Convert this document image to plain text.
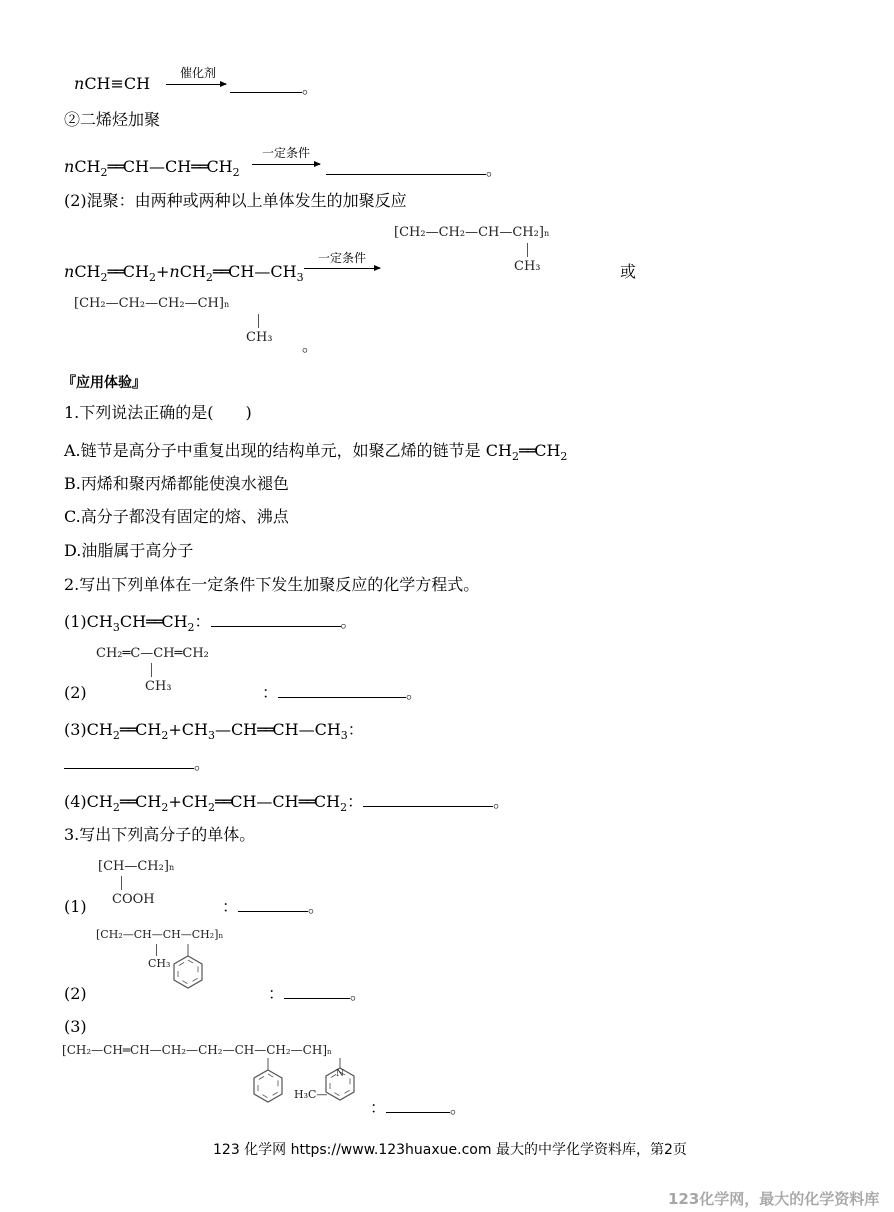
nCH≡CH
催化剂
。
②二烯烃加聚
$nCH_2══CH—CH══CH_2$
一定条件
。
(2)混聚：由两种或两种以上单体发生的加聚反应
[CH₂—CH₂—CH—CH₂]n
CH₃
$nCH_2══CH_2+nCH_2══CH—CH_3$
一定条件
或
[CH₂—CH₂—CH₂—CH]n
CH₃ 。
『应用体验』
1.下列说法正确的是(　　)
A.链节是高分子中重复出现的结构单元，如聚乙烯的链节是 $CH_2══CH_2$
B.丙烯和聚丙烯都能使溴水褪色
C.高分子都没有固定的熔、沸点
D.油脂属于高分子
2.写出下列单体在一定条件下发生加聚反应的化学方程式。
$(1)CH_3CH══CH_2$：	。
CH₂═C—CH═CH₂
CH₃
(2)	：	。
$(3)CH_2══CH_2+CH_3—CH══CH—CH_3$：
。
$(4)CH_2══CH_2+CH_2══CH—CH══CH_2$：	。
3.写出下列高分子的单体。
[CH—CH₂]n
COOH
(1)	：	。
[CH₂—CH—CH—CH₂]n
CH₃
(2)	：	。
(3)
[CH₂—CH═CH—CH₂—CH₂—CH—CH₂—CH]n
N
H₃C—
：	。
123 化学网 https://www.123huaxue.com 最大的中学化学资料库，第2页
123化学网，最大的化学资料库
